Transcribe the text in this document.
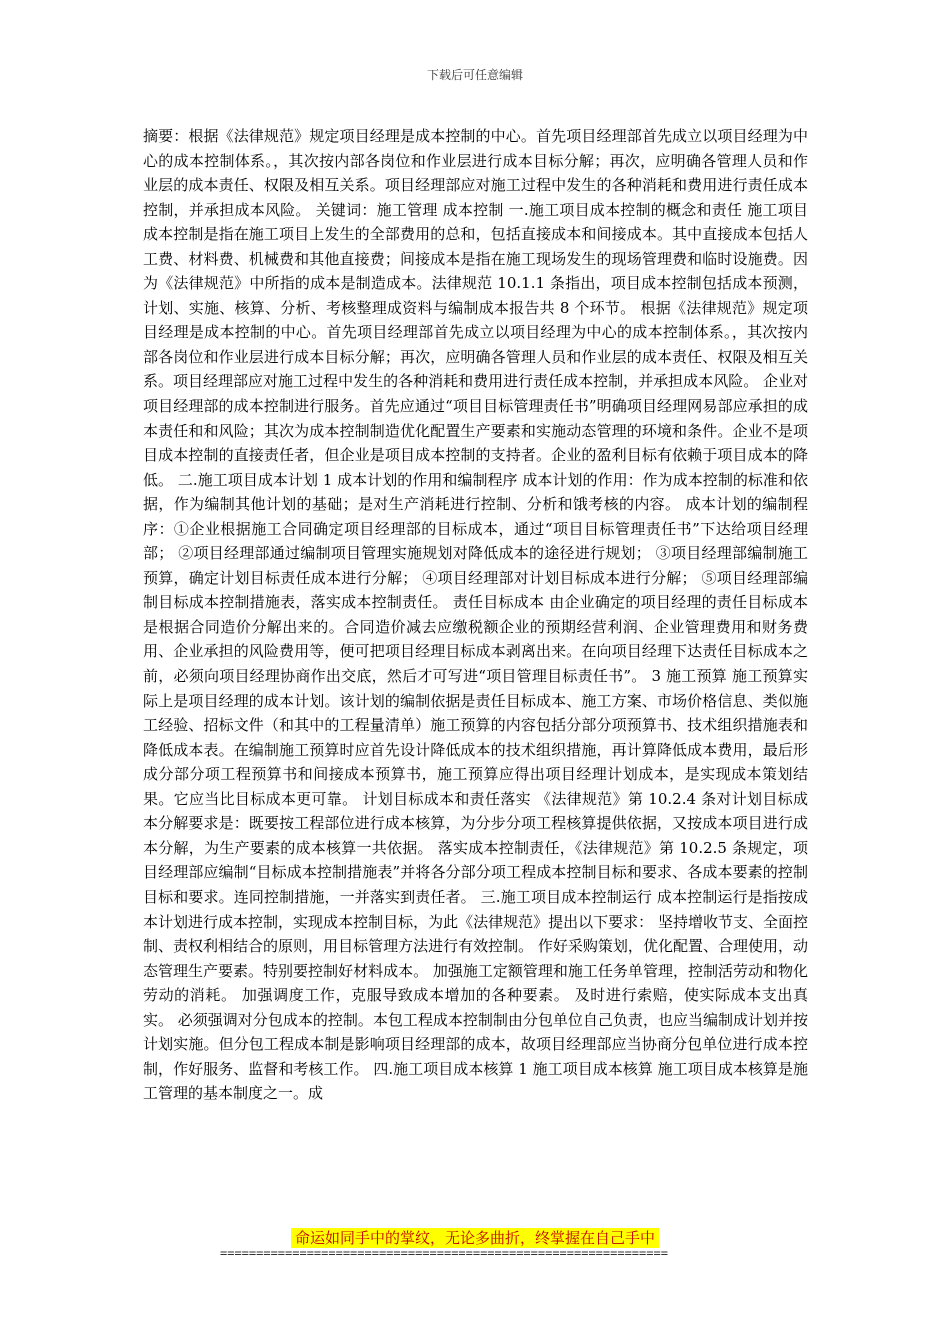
下载后可任意编辑

摘要：根据《法律规范》规定项目经理是成本控制的中心。首先项目经理部首先成立以项目经理为中心的成本控制体系。，其次按内部各岗位和作业层进行成本目标分解；再次，应明确各管理人员和作业层的成本责任、权限及相互关系。项目经理部应对施工过程中发生的各种消耗和费用进行责任成本控制，并承担成本风险。 关键词：施工管理 成本控制 一.施工项目成本控制的概念和责任 施工项目成本控制是指在施工项目上发生的全部费用的总和，包括直接成本和间接成本。其中直接成本包括人工费、材料费、机械费和其他直接费；间接成本是指在施工现场发生的现场管理费和临时设施费。因为《法律规范》中所指的成本是制造成本。法律规范 10.1.1 条指出，项目成本控制包括成本预测，计划、实施、核算、分析、考核整理成资料与编制成本报告共 8 个环节。 根据《法律规范》规定项目经理是成本控制的中心。首先项目经理部首先成立以项目经理为中心的成本控制体系。，其次按内部各岗位和作业层进行成本目标分解；再次，应明确各管理人员和作业层的成本责任、权限及相互关系。项目经理部应对施工过程中发生的各种消耗和费用进行责任成本控制，并承担成本风险。 企业对项目经理部的成本控制进行服务。首先应通过“项目目标管理责任书”明确项目经理网易部应承担的成本责任和和风险；其次为成本控制制造优化配置生产要素和实施动态管理的环境和条件。企业不是项目成本控制的直接责任者，但企业是项目成本控制的支持者。企业的盈利目标有依赖于项目成本的降低。 二.施工项目成本计划 1 成本计划的作用和编制程序 成本计划的作用：作为成本控制的标准和依据，作为编制其他计划的基础；是对生产消耗进行控制、分析和饿考核的内容。 成本计划的编制程序：①企业根据施工合同确定项目经理部的目标成本，通过“项目目标管理责任书”下达给项目经理部； ②项目经理部通过编制项目管理实施规划对降低成本的途径进行规划； ③项目经理部编制施工预算，确定计划目标责任成本进行分解； ④项目经理部对计划目标成本进行分解； ⑤项目经理部编制目标成本控制措施表，落实成本控制责任。 责任目标成本 由企业确定的项目经理的责任目标成本是根据合同造价分解出来的。合同造价减去应缴税额企业的预期经营利润、企业管理费用和财务费用、企业承担的风险费用等，便可把项目经理目标成本剥离出来。在向项目经理下达责任目标成本之前，必须向项目经理协商作出交底，然后才可写进“项目管理目标责任书”。 3 施工预算 施工预算实际上是项目经理的成本计划。该计划的编制依据是责任目标成本、施工方案、市场价格信息、类似施工经验、招标文件（和其中的工程量清单）施工预算的内容包括分部分项预算书、技术组织措施表和降低成本表。在编制施工预算时应首先设计降低成本的技术组织措施，再计算降低成本费用，最后形成分部分项工程预算书和间接成本预算书，施工预算应得出项目经理计划成本，是实现成本策划结果。它应当比目标成本更可靠。 计划目标成本和责任落实 《法律规范》第 10.2.4 条对计划目标成本分解要求是：既要按工程部位进行成本核算，为分步分项工程核算提供依据，又按成本项目进行成本分解，为生产要素的成本核算一共依据。 落实成本控制责任，《法律规范》第 10.2.5 条规定，项目经理部应编制“目标成本控制措施表”并将各分部分项工程成本控制目标和要求、各成本要素的控制目标和要求。连同控制措施，一并落实到责任者。 三.施工项目成本控制运行 成本控制运行是指按成本计划进行成本控制，实现成本控制目标，为此《法律规范》提出以下要求： 坚持增收节支、全面控制、责权利相结合的原则，用目标管理方法进行有效控制。 作好采购策划，优化配置、合理使用，动态管理生产要素。特别要控制好材料成本。 加强施工定额管理和施工任务单管理，控制活劳动和物化劳动的消耗。 加强调度工作，克服导致成本增加的各种要素。 及时进行索赔，使实际成本支出真实。 必须强调对分包成本的控制。本包工程成本控制制由分包单位自己负责，也应当编制成计划并按计划实施。但分包工程成本制是影响项目经理部的成本，故项目经理部应当协商分包单位进行成本控制，作好服务、监督和考核工作。 四.施工项目成本核算 1 施工项目成本核算 施工项目成本核算是施工管理的基本制度之一。成

命运如同手中的掌纹，无论多曲折，终掌握在自己手中
==============================================================
